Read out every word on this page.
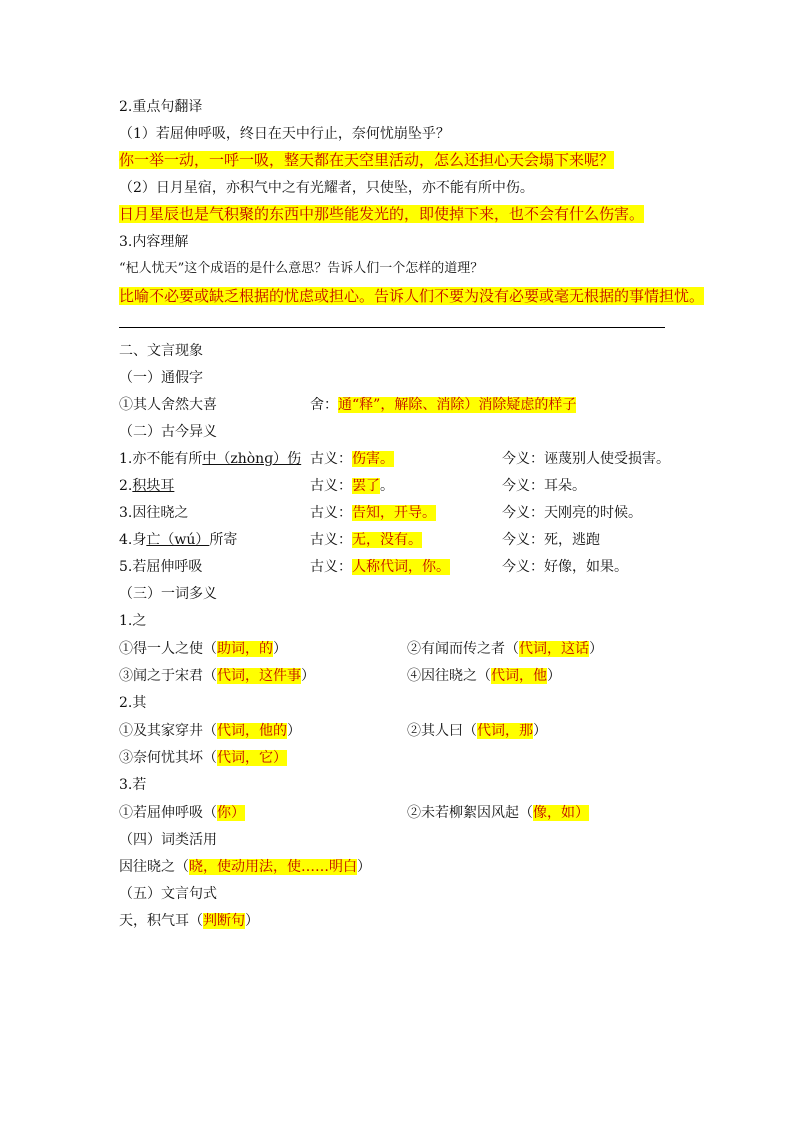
2.重点句翻译
（1）若屈伸呼吸，终日在天中行止，奈何忧崩坠乎？
你一举一动，一呼一吸，整天都在天空里活动，怎么还担心天会塌下来呢？
（2）日月星宿，亦积气中之有光耀者，只使坠，亦不能有所中伤。
日月星辰也是气积聚的东西中那些能发光的，即使掉下来，也不会有什么伤害。
3.内容理解
“杞人忧天”这个成语的是什么意思？告诉人们一个怎样的道理？
比喻不必要或缺乏根据的忧虑或担心。告诉人们不要为没有必要或毫无根据的事情担忧。
二、文言现象
（一）通假字
①其人舍然大喜	舍：通“释”，解除、消除）消除疑虑的样子
（二）古今异义
1.亦不能有所中（zhònɡ）伤 古义：伤害。	今义：诬蔑别人使受损害。
2.积块耳	古义：罢了。	今义：耳朵。
3.因往晓之	古义：告知，开导。	今义：天刚亮的时候。
4.身亡（wú）所寄	古义：无，没有。	今义：死，逃跑
5.若屈伸呼吸	古义：人称代词，你。	今义：好像，如果。
（三）一词多义
1.之
①得一人之使（助词，的）	②有闻而传之者（代词，这话）
③闻之于宋君（代词，这件事）	④因往晓之（代词，他）
2.其
①及其家穿井（代词，他的）	②其人曰（代词，那）
③奈何忧其坏（代词，它）
3.若
①若屈伸呼吸（你）	②未若柳絮因风起（像，如）
（四）词类活用
因往晓之（晓，使动用法，使……明白）
（五）文言句式
天，积气耳（判断句）
